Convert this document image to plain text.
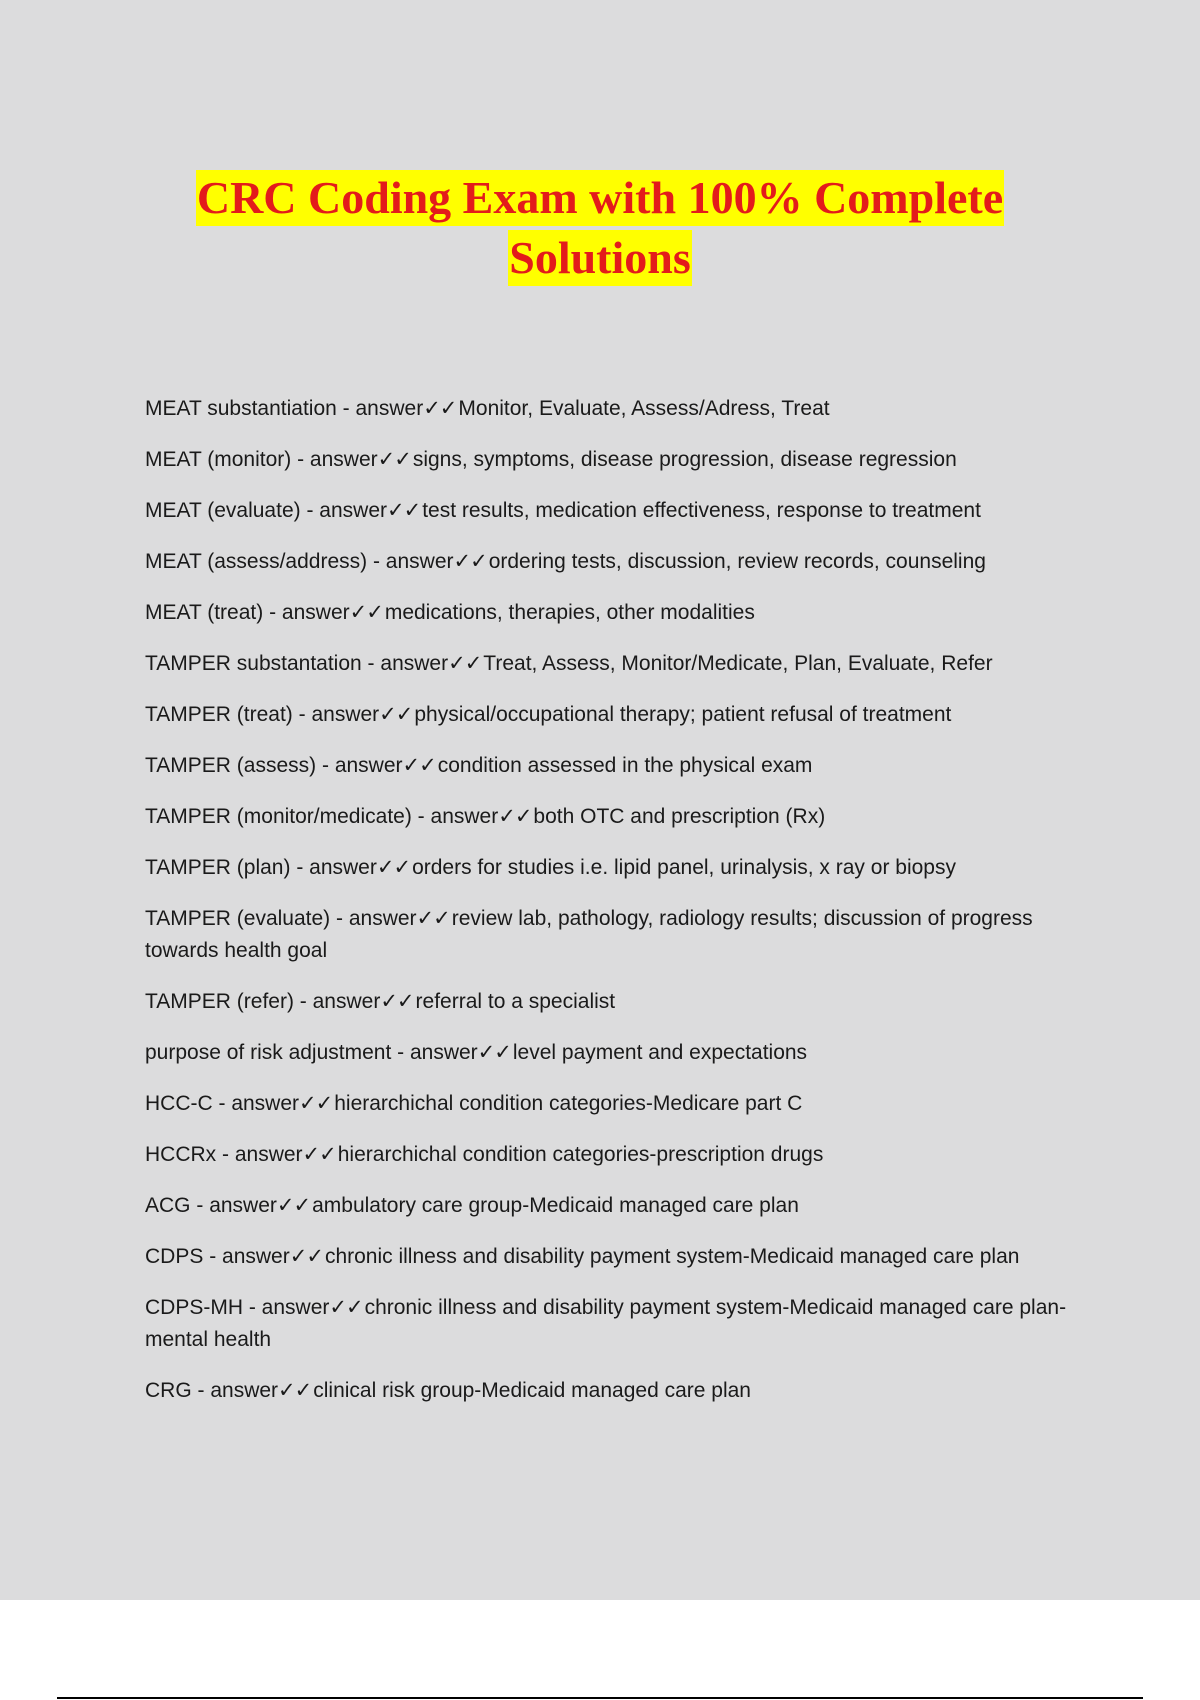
CRC Coding Exam with 100% Complete
Solutions
MEAT substantiation - answer✓✓Monitor, Evaluate, Assess/Adress, Treat
MEAT (monitor) - answer✓✓signs, symptoms, disease progression, disease regression
MEAT (evaluate) - answer✓✓test results, medication effectiveness, response to treatment
MEAT (assess/address) - answer✓✓ordering tests, discussion, review records, counseling
MEAT (treat) - answer✓✓medications, therapies, other modalities
TAMPER substantation - answer✓✓Treat, Assess, Monitor/Medicate, Plan, Evaluate, Refer
TAMPER (treat) - answer✓✓physical/occupational therapy; patient refusal of treatment
TAMPER (assess) - answer✓✓condition assessed in the physical exam
TAMPER (monitor/medicate) - answer✓✓both OTC and prescription (Rx)
TAMPER (plan) - answer✓✓orders for studies i.e. lipid panel, urinalysis, x ray or biopsy
TAMPER (evaluate) - answer✓✓review lab, pathology, radiology results; discussion of progress towards health goal
TAMPER (refer) - answer✓✓referral to a specialist
purpose of risk adjustment - answer✓✓level payment and expectations
HCC-C - answer✓✓hierarchichal condition categories-Medicare part C
HCCRx - answer✓✓hierarchichal condition categories-prescription drugs
ACG - answer✓✓ambulatory care group-Medicaid managed care plan
CDPS - answer✓✓chronic illness and disability payment system-Medicaid managed care plan
CDPS-MH - answer✓✓chronic illness and disability payment system-Medicaid managed care plan-mental health
CRG - answer✓✓clinical risk group-Medicaid managed care plan
